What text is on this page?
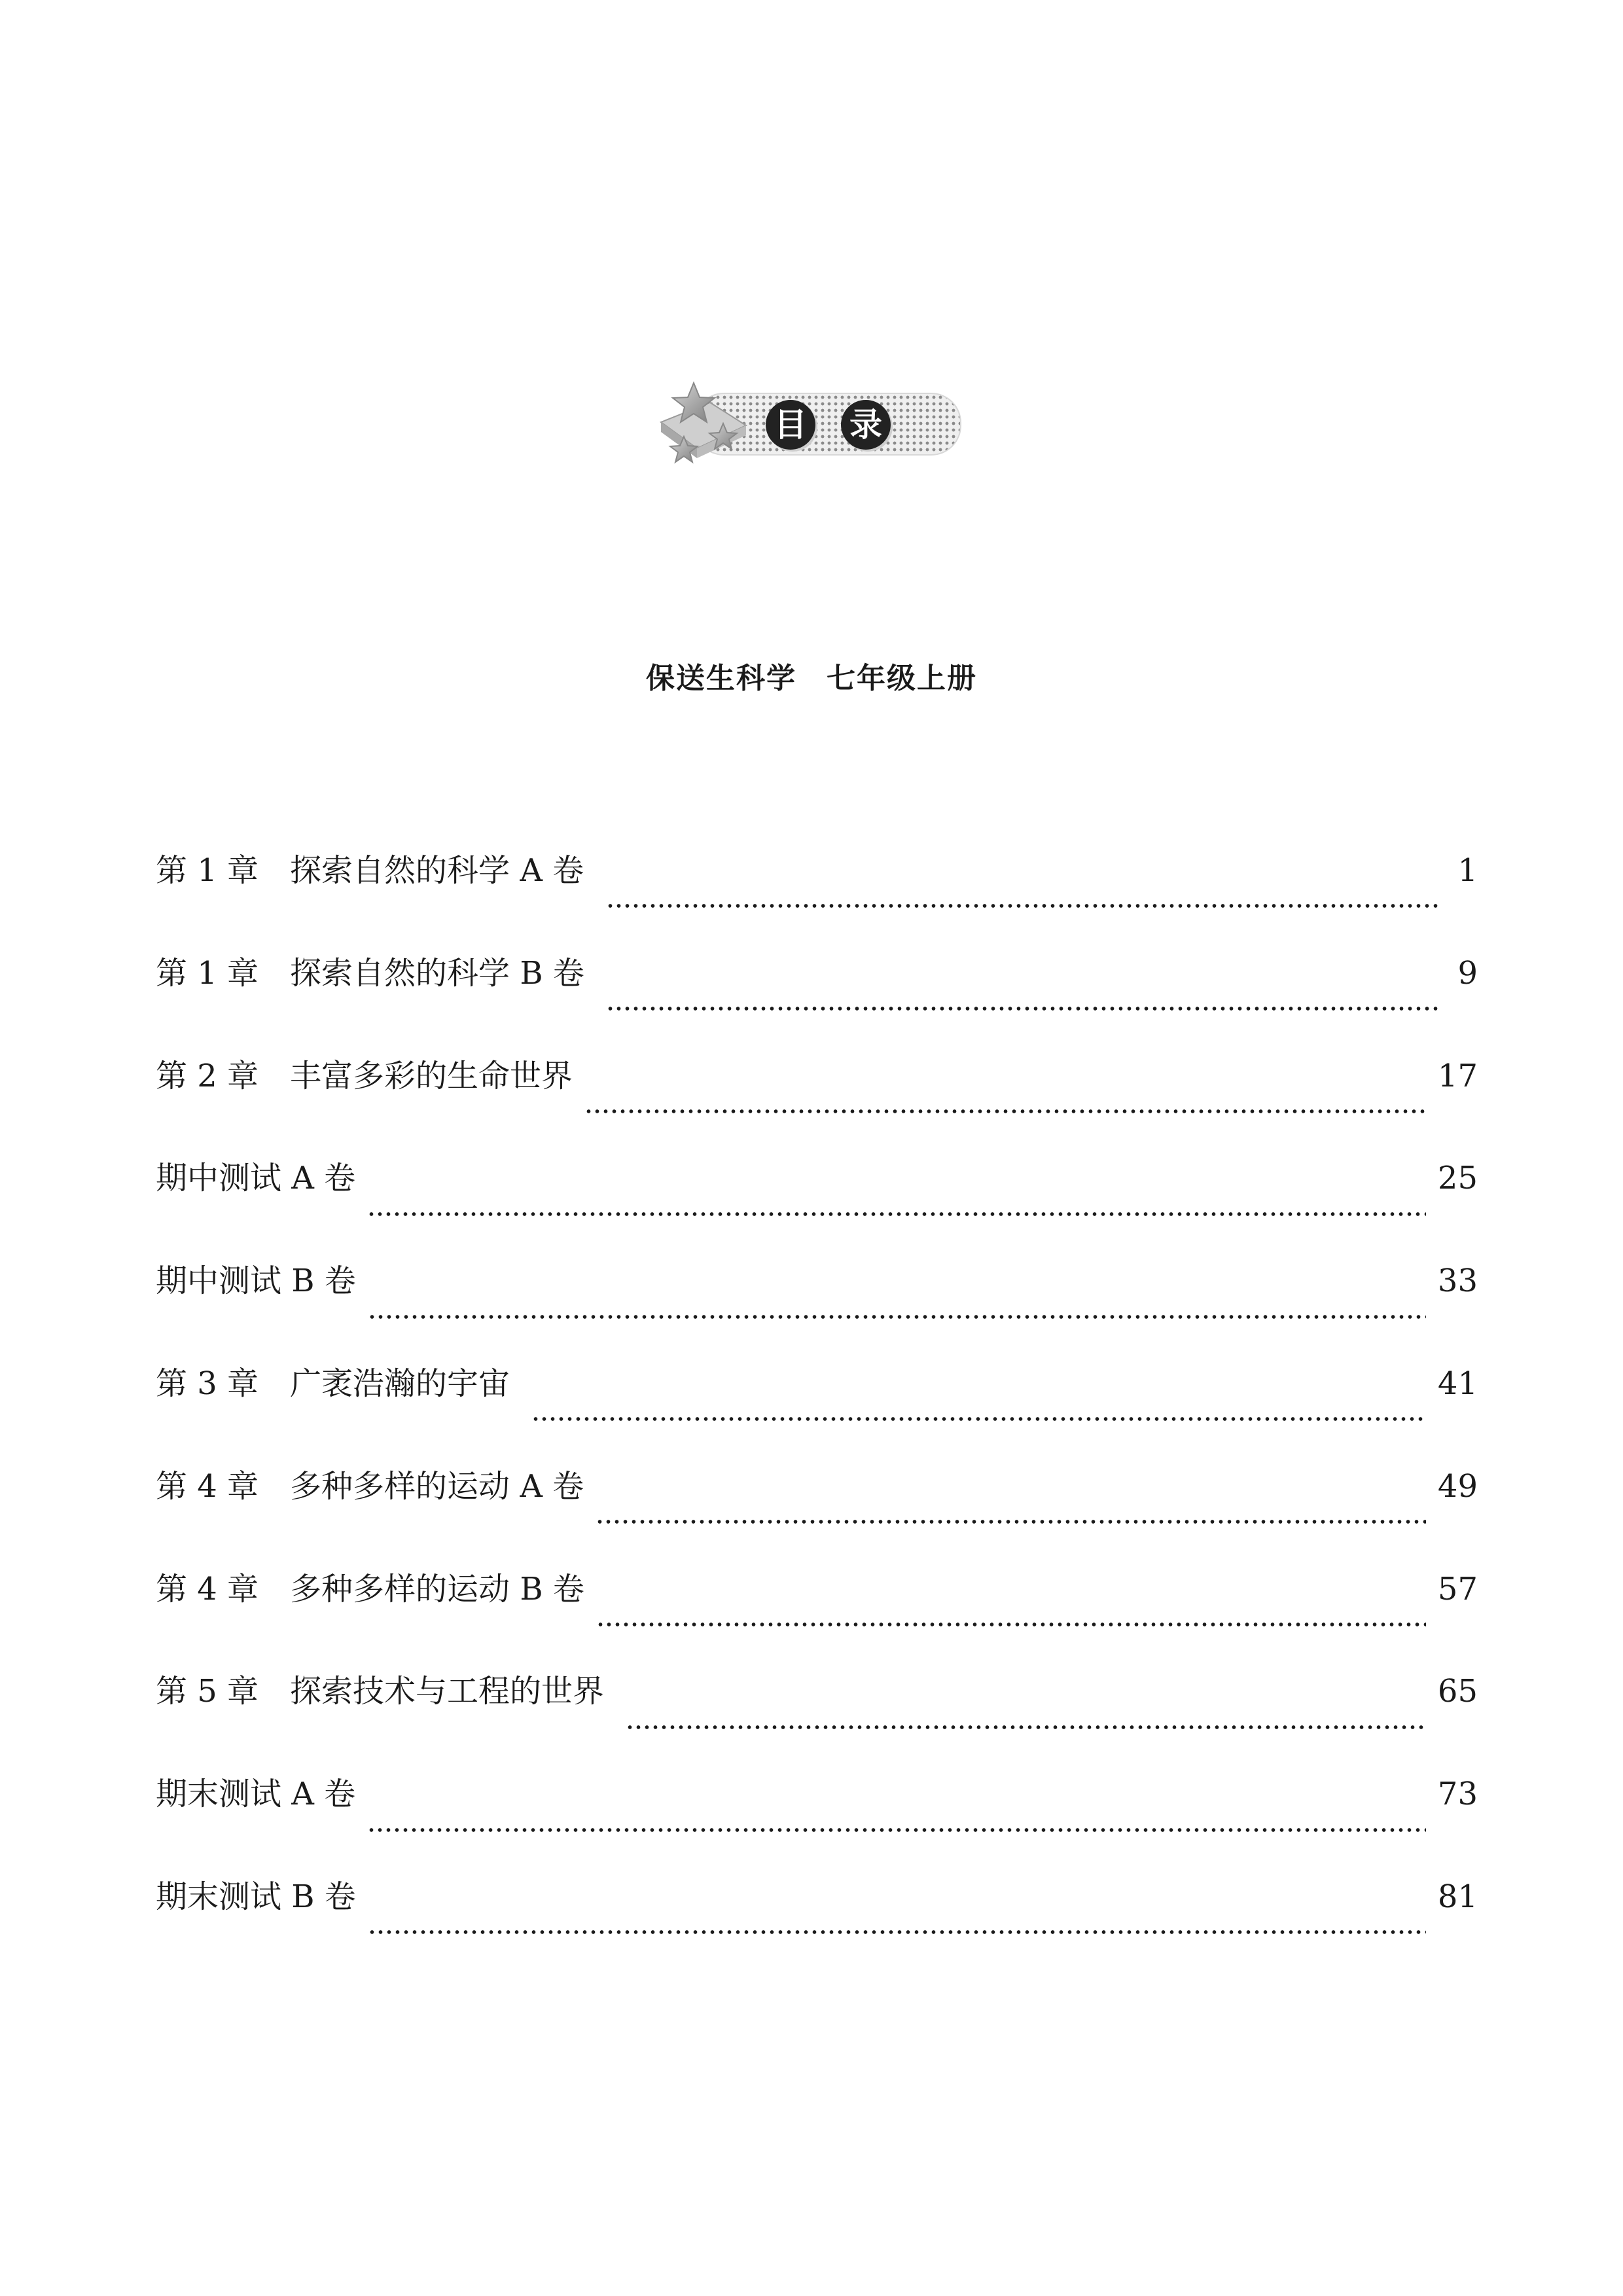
目 录
保送生科学　七年级上册
第 1 章　探索自然的科学 A 卷	1
第 1 章　探索自然的科学 B 卷	9
第 2 章　丰富多彩的生命世界	17
期中测试 A 卷	25
期中测试 B 卷	33
第 3 章　广袤浩瀚的宇宙	41
第 4 章　多种多样的运动 A 卷	49
第 4 章　多种多样的运动 B 卷	57
第 5 章　探索技术与工程的世界	65
期末测试 A 卷	73
期末测试 B 卷	81
